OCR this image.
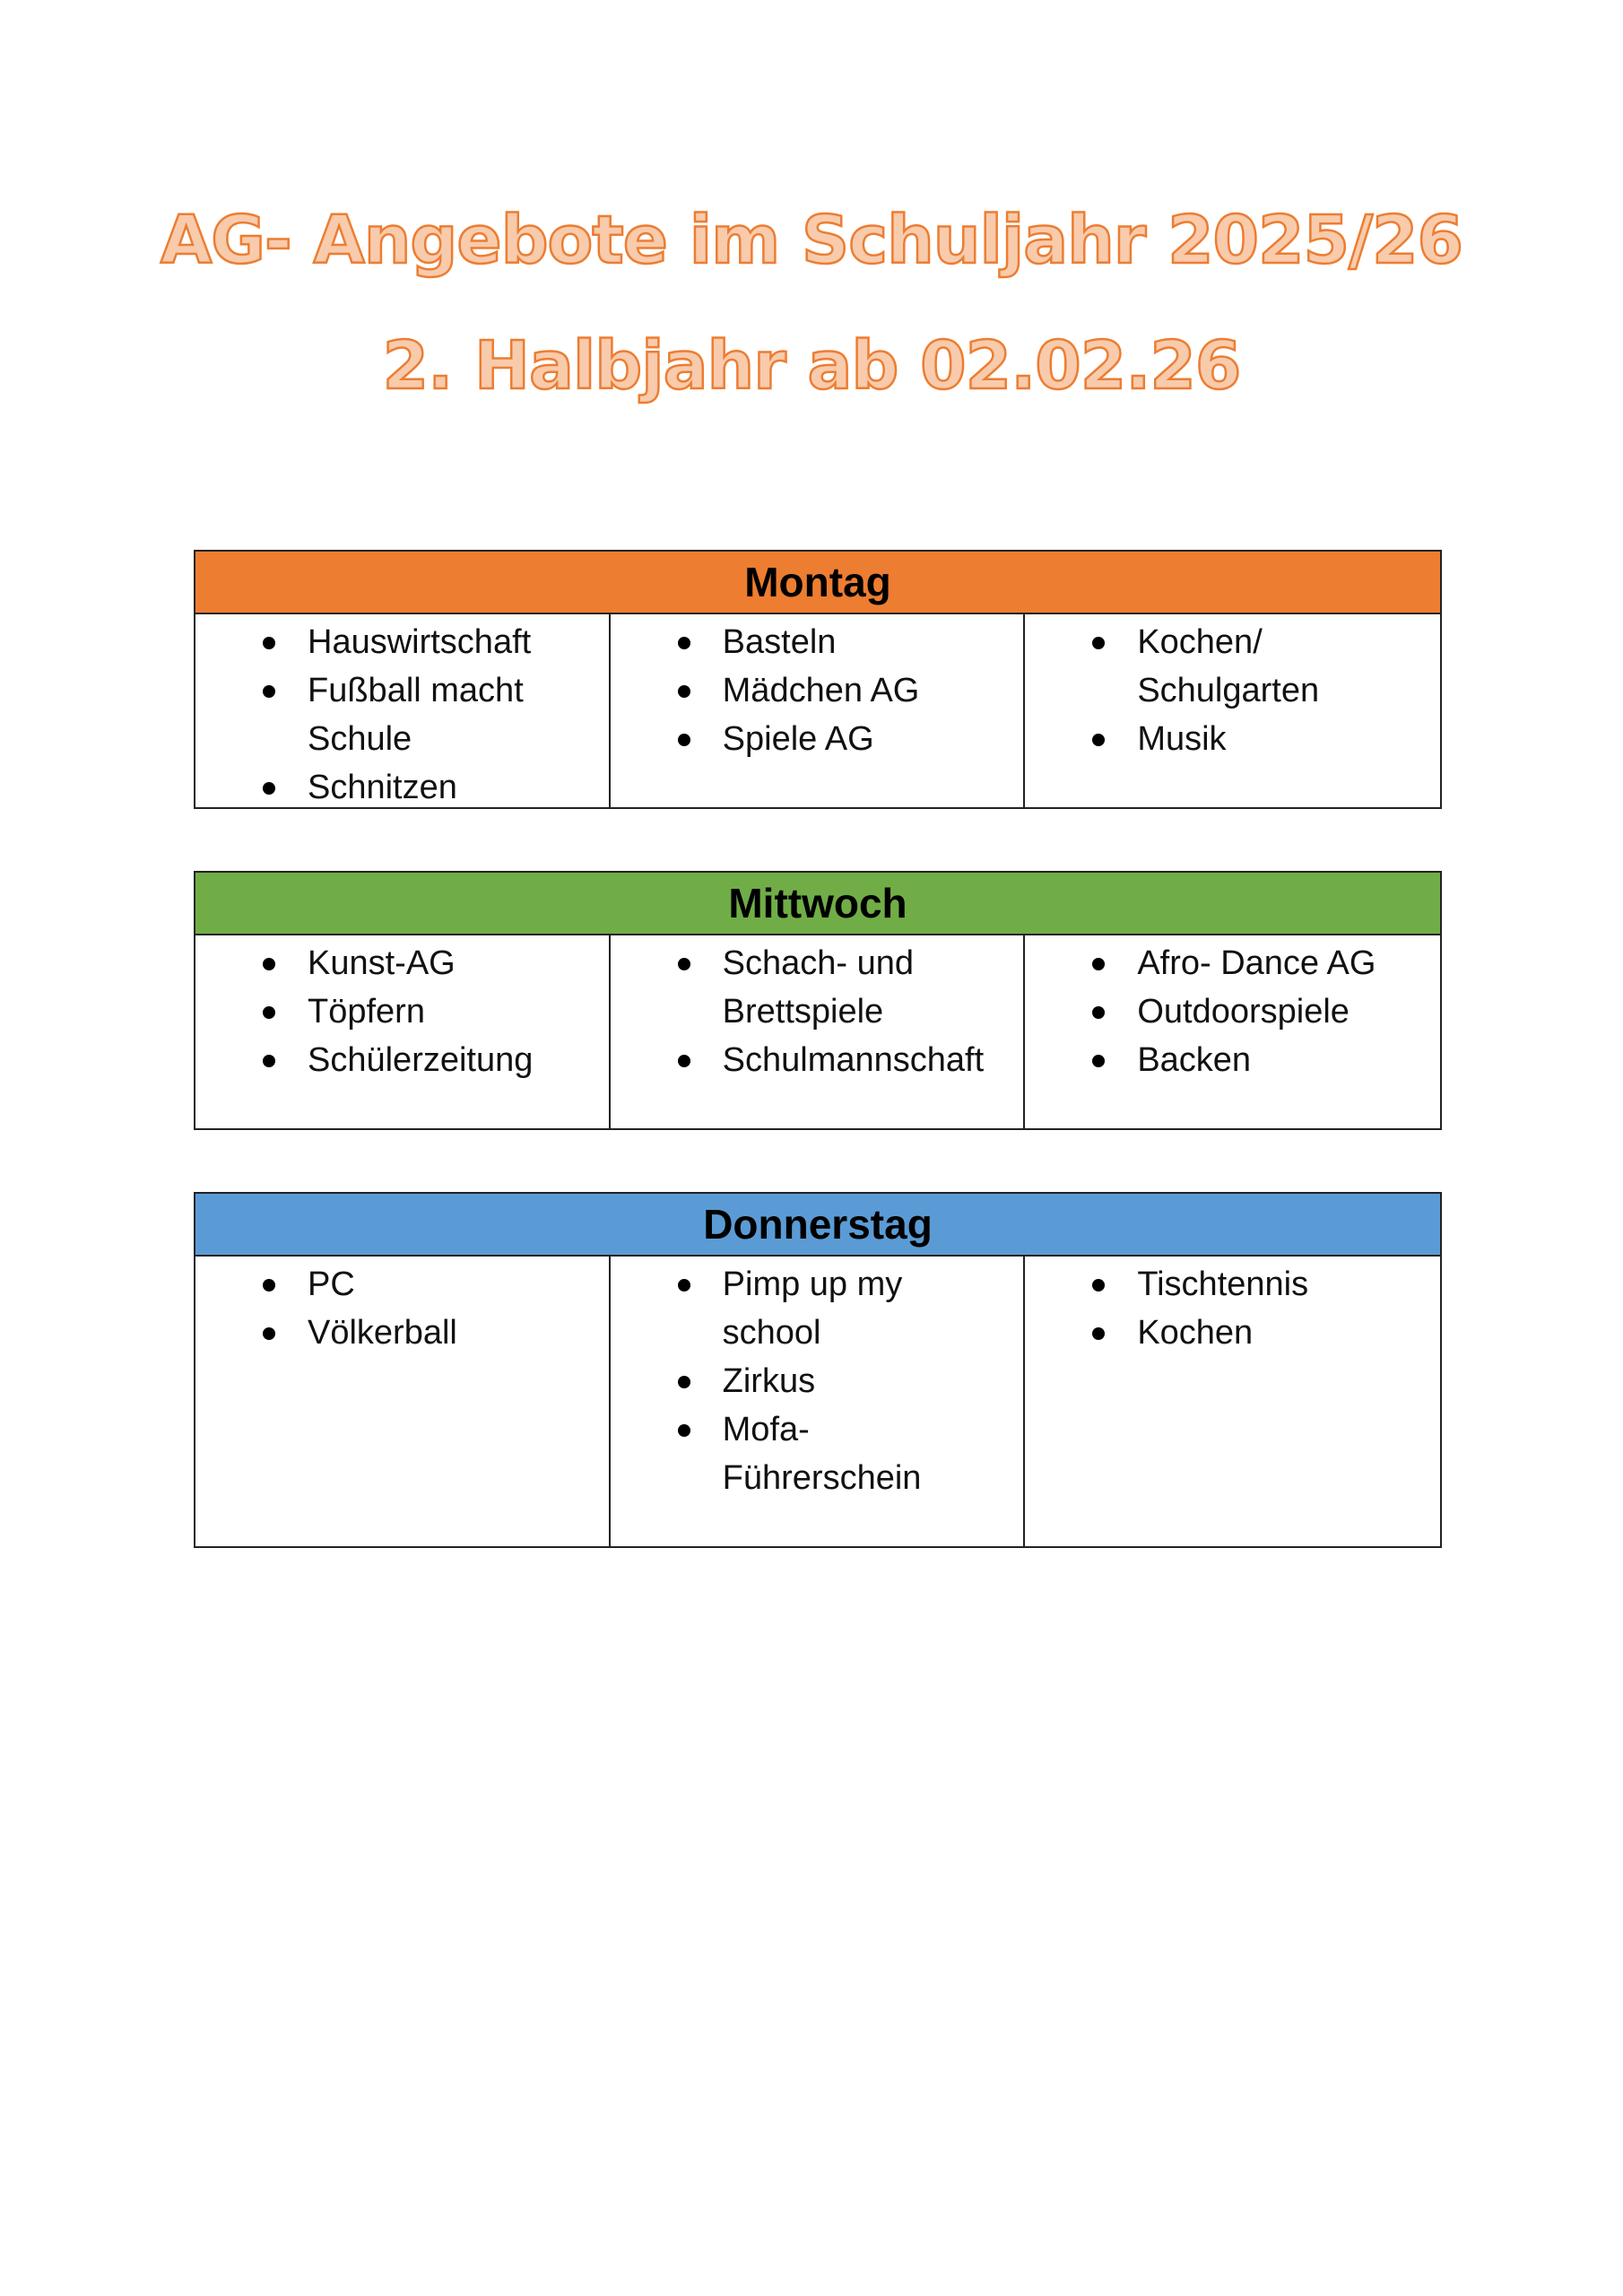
AG- Angebote im Schuljahr 2025/26
2. Halbjahr ab 02.02.26
Montag
Hauswirtschaft
Fußball macht Schule
Schnitzen
Basteln
Mädchen AG
Spiele AG
Kochen/ Schulgarten
Musik
Mittwoch
Kunst-AG
Töpfern
Schülerzeitung
Schach- und Brettspiele
Schulmannschaft
Afro- Dance AG
Outdoorspiele
Backen
Donnerstag
PC
Völkerball
Pimp up my school
Zirkus
Mofa-Führerschein
Tischtennis
Kochen
